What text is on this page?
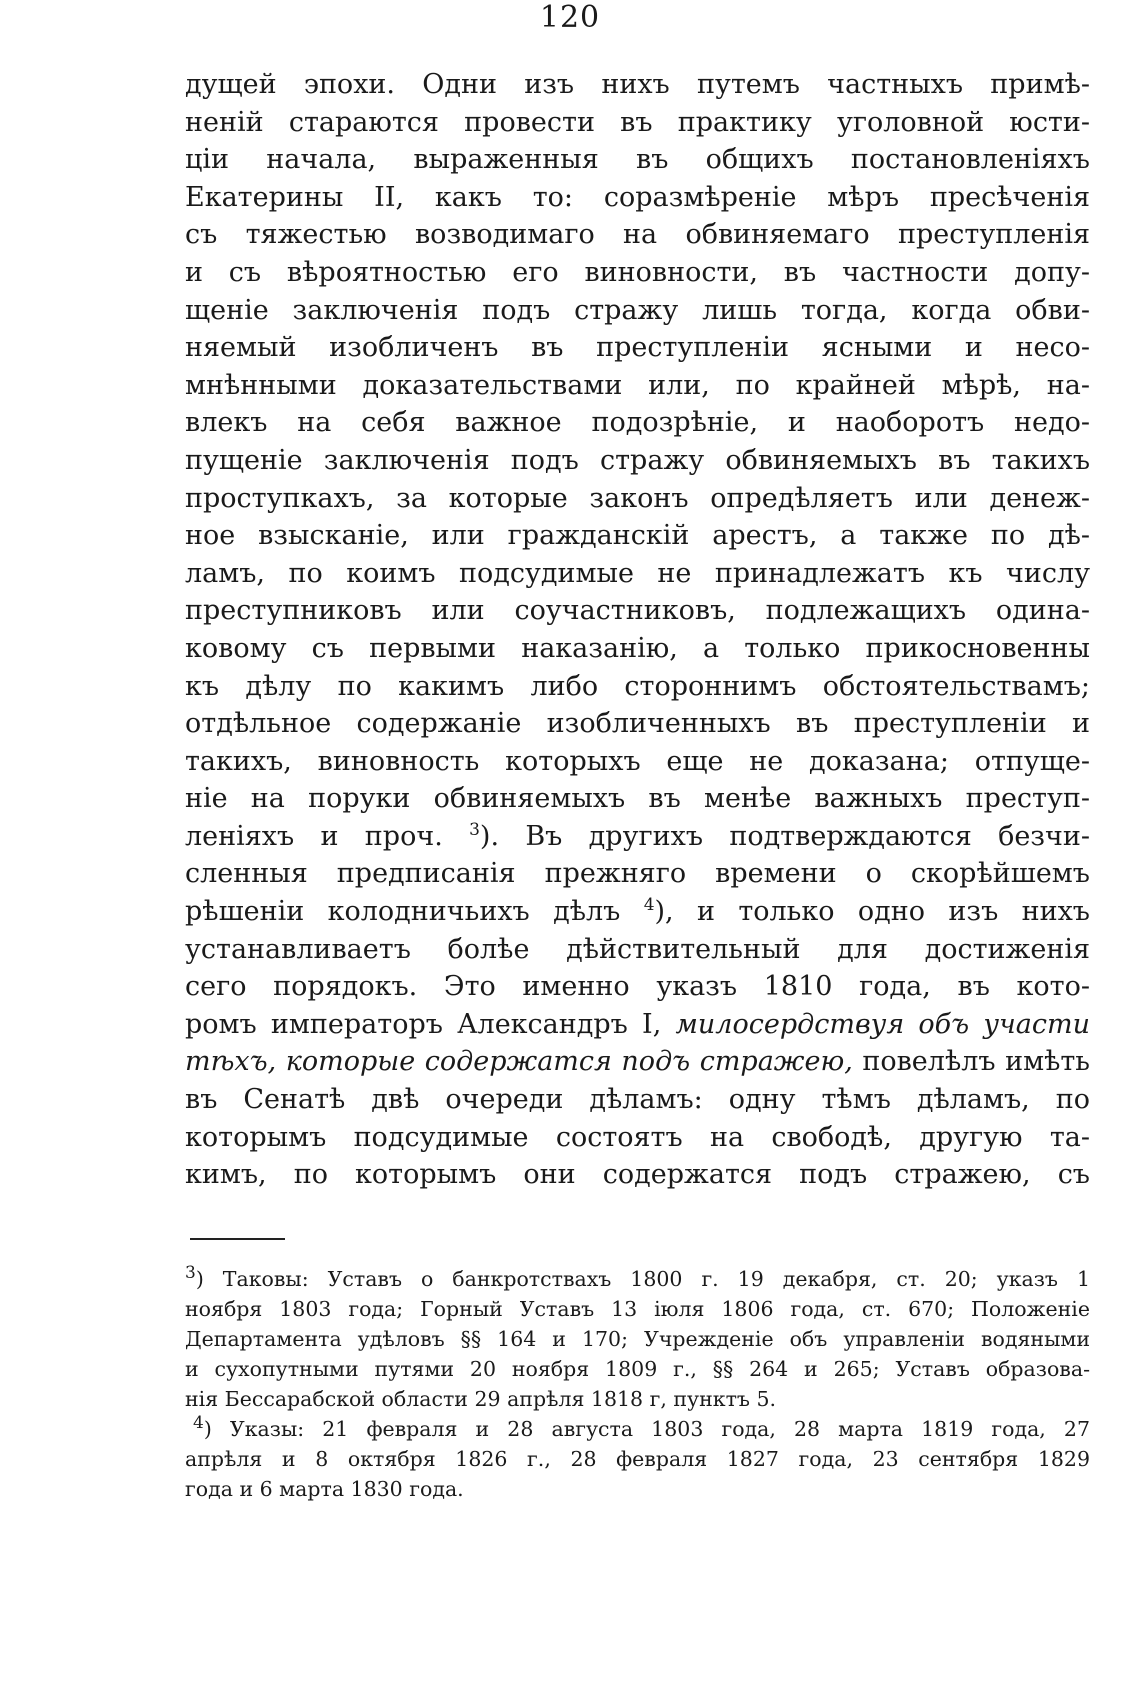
120
дущей эпохи. Одни изъ нихъ путемъ частныхъ примѣ-
неній стараются провести въ практику уголовной юсти-
ціи начала, выраженныя въ общихъ постановленіяхъ
Екатерины II, какъ то: соразмѣреніе мѣръ пресѣченія
съ тяжестью возводимаго на обвиняемаго преступленія
и съ вѣроятностью его виновности, въ частности допу-
щеніе заключенія подъ стражу лишь тогда, когда обви-
няемый изобличенъ въ преступленіи ясными и несо-
мнѣнными доказательствами или, по крайней мѣрѣ, на-
влекъ на себя важное подозрѣніе, и наоборотъ недо-
пущеніе заключенія подъ стражу обвиняемыхъ въ такихъ
проступкахъ, за которые законъ опредѣляетъ или денеж-
ное взысканіе, или гражданскій арестъ, а также по дѣ-
ламъ, по коимъ подсудимые не принадлежатъ къ числу
преступниковъ или соучастниковъ, подлежащихъ одина-
ковому съ первыми наказанію, а только прикосновенны
къ дѣлу по какимъ либо стороннимъ обстоятельствамъ;
отдѣльное содержаніе изобличенныхъ въ преступленіи и
такихъ, виновность которыхъ еще не доказана; отпуще-
ніе на поруки обвиняемыхъ въ менѣе важныхъ преступ-
леніяхъ и проч. $^3$). Въ другихъ подтверждаются безчи-
сленныя предписанія прежняго времени о скорѣйшемъ
рѣшеніи колодничьихъ дѣлъ $^4$), и только одно изъ нихъ
устанавливаетъ болѣе дѣйствительный для достиженія
сего порядокъ. Это именно указъ 1810 года, въ кото-
ромъ императоръ Александръ I, милосердствуя объ участи
тѣхъ, которые содержатся подъ стражею, повелѣлъ имѣть
въ Сенатѣ двѣ очереди дѣламъ: одну тѣмъ дѣламъ, по
которымъ подсудимые состоятъ на свободѣ, другую та-
кимъ, по которымъ они содержатся подъ стражею, съ
$^3$) Таковы: Уставъ о банкротствахъ 1800 г. 19 декабря, ст. 20; указъ 1
ноября 1803 года; Горный Уставъ 13 іюля 1806 года, ст. 670; Положеніе
Департамента удѣловъ §§ 164 и 170; Учрежденіе объ управленіи водяными
и сухопутными путями 20 ноября 1809 г., §§ 264 и 265; Уставъ образова-
нія Бессарабской области 29 апрѣля 1818 г, пунктъ 5.
$^4$) Указы: 21 февраля и 28 августа 1803 года, 28 марта 1819 года, 27
апрѣля и 8 октября 1826 г., 28 февраля 1827 года, 23 сентября 1829
года и 6 марта 1830 года.
